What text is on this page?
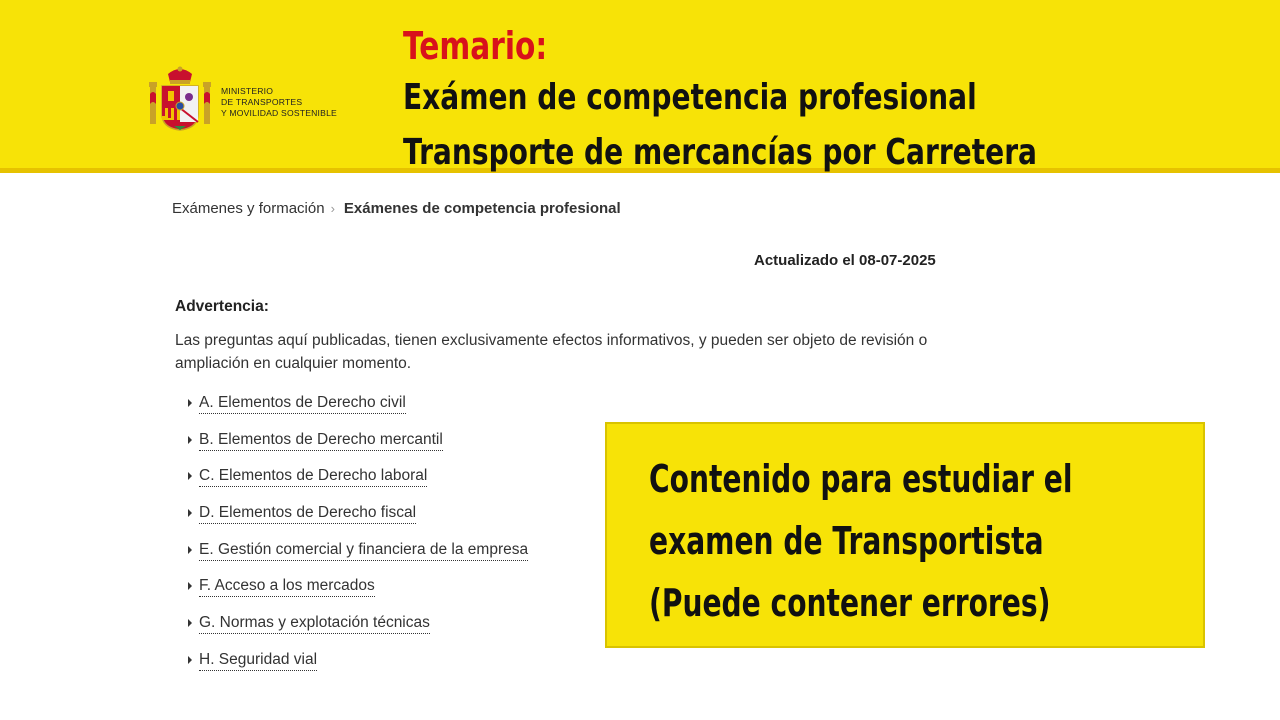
MINISTERIO
DE TRANSPORTES
Y MOVILIDAD SOSTENIBLE
Temario:
Exámen de competencia profesional
Transporte de mercancías por Carretera
Exámenes y formación › Exámenes de competencia profesional
Actualizado el 08-07-2025
Advertencia:
Las preguntas aquí publicadas, tienen exclusivamente efectos informativos, y pueden ser objeto de revisión o ampliación en cualquier momento.
A. Elementos de Derecho civil
B. Elementos de Derecho mercantil
C. Elementos de Derecho laboral
D. Elementos de Derecho fiscal
E. Gestión comercial y financiera de la empresa
F. Acceso a los mercados
G. Normas y explotación técnicas
H. Seguridad vial
Contenido para estudiar el
examen de Transportista
(Puede contener errores)
